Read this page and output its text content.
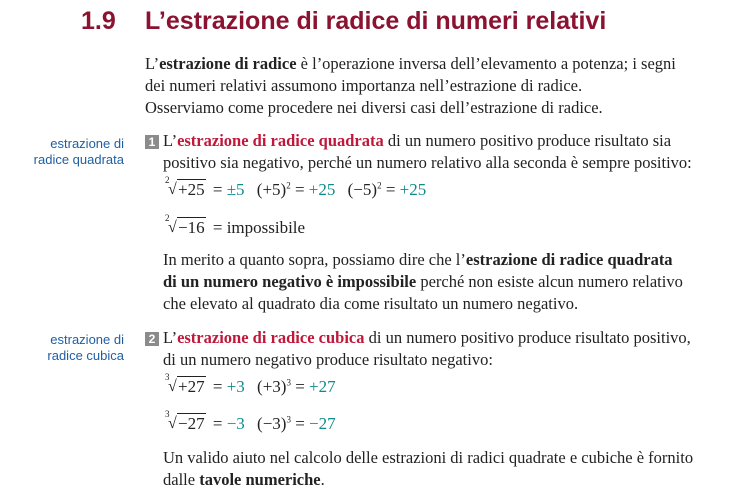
1.9 L’estrazione di radice di numeri relativi

L’estrazione di radice è l’operazione inversa dell’elevamento a potenza; i segni

dei numeri relativi assumono importanza nell’estrazione di radice.

Osserviamo come procedere nei diversi casi dell’estrazione di radice.

estrazione di
radice quadrata
1 L’estrazione di radice quadrata di un numero positivo produce risultato sia

positivo sia negativo, perché un numero relativo alla seconda è sempre positivo:

2
√ +25 = ±5 $(+5)^2 = +25$ $(-5)^2 = +25$
2
√ −16 = impossibile

In merito a quanto sopra, possiamo dire che l’estrazione di radice quadrata

di un numero negativo è impossibile perché non esiste alcun numero relativo

che elevato al quadrato dia come risultato un numero negativo.

estrazione di
radice cubica
2 L’estrazione di radice cubica di un numero positivo produce risultato positivo,

di un numero negativo produce risultato negativo:

3
√ +27 = +3 $(+3)^3 = +27$
3
√ −27 = −3 $(-3)^3 = -27$

Un valido aiuto nel calcolo delle estrazioni di radici quadrate e cubiche è fornito

dalle tavole numeriche.
